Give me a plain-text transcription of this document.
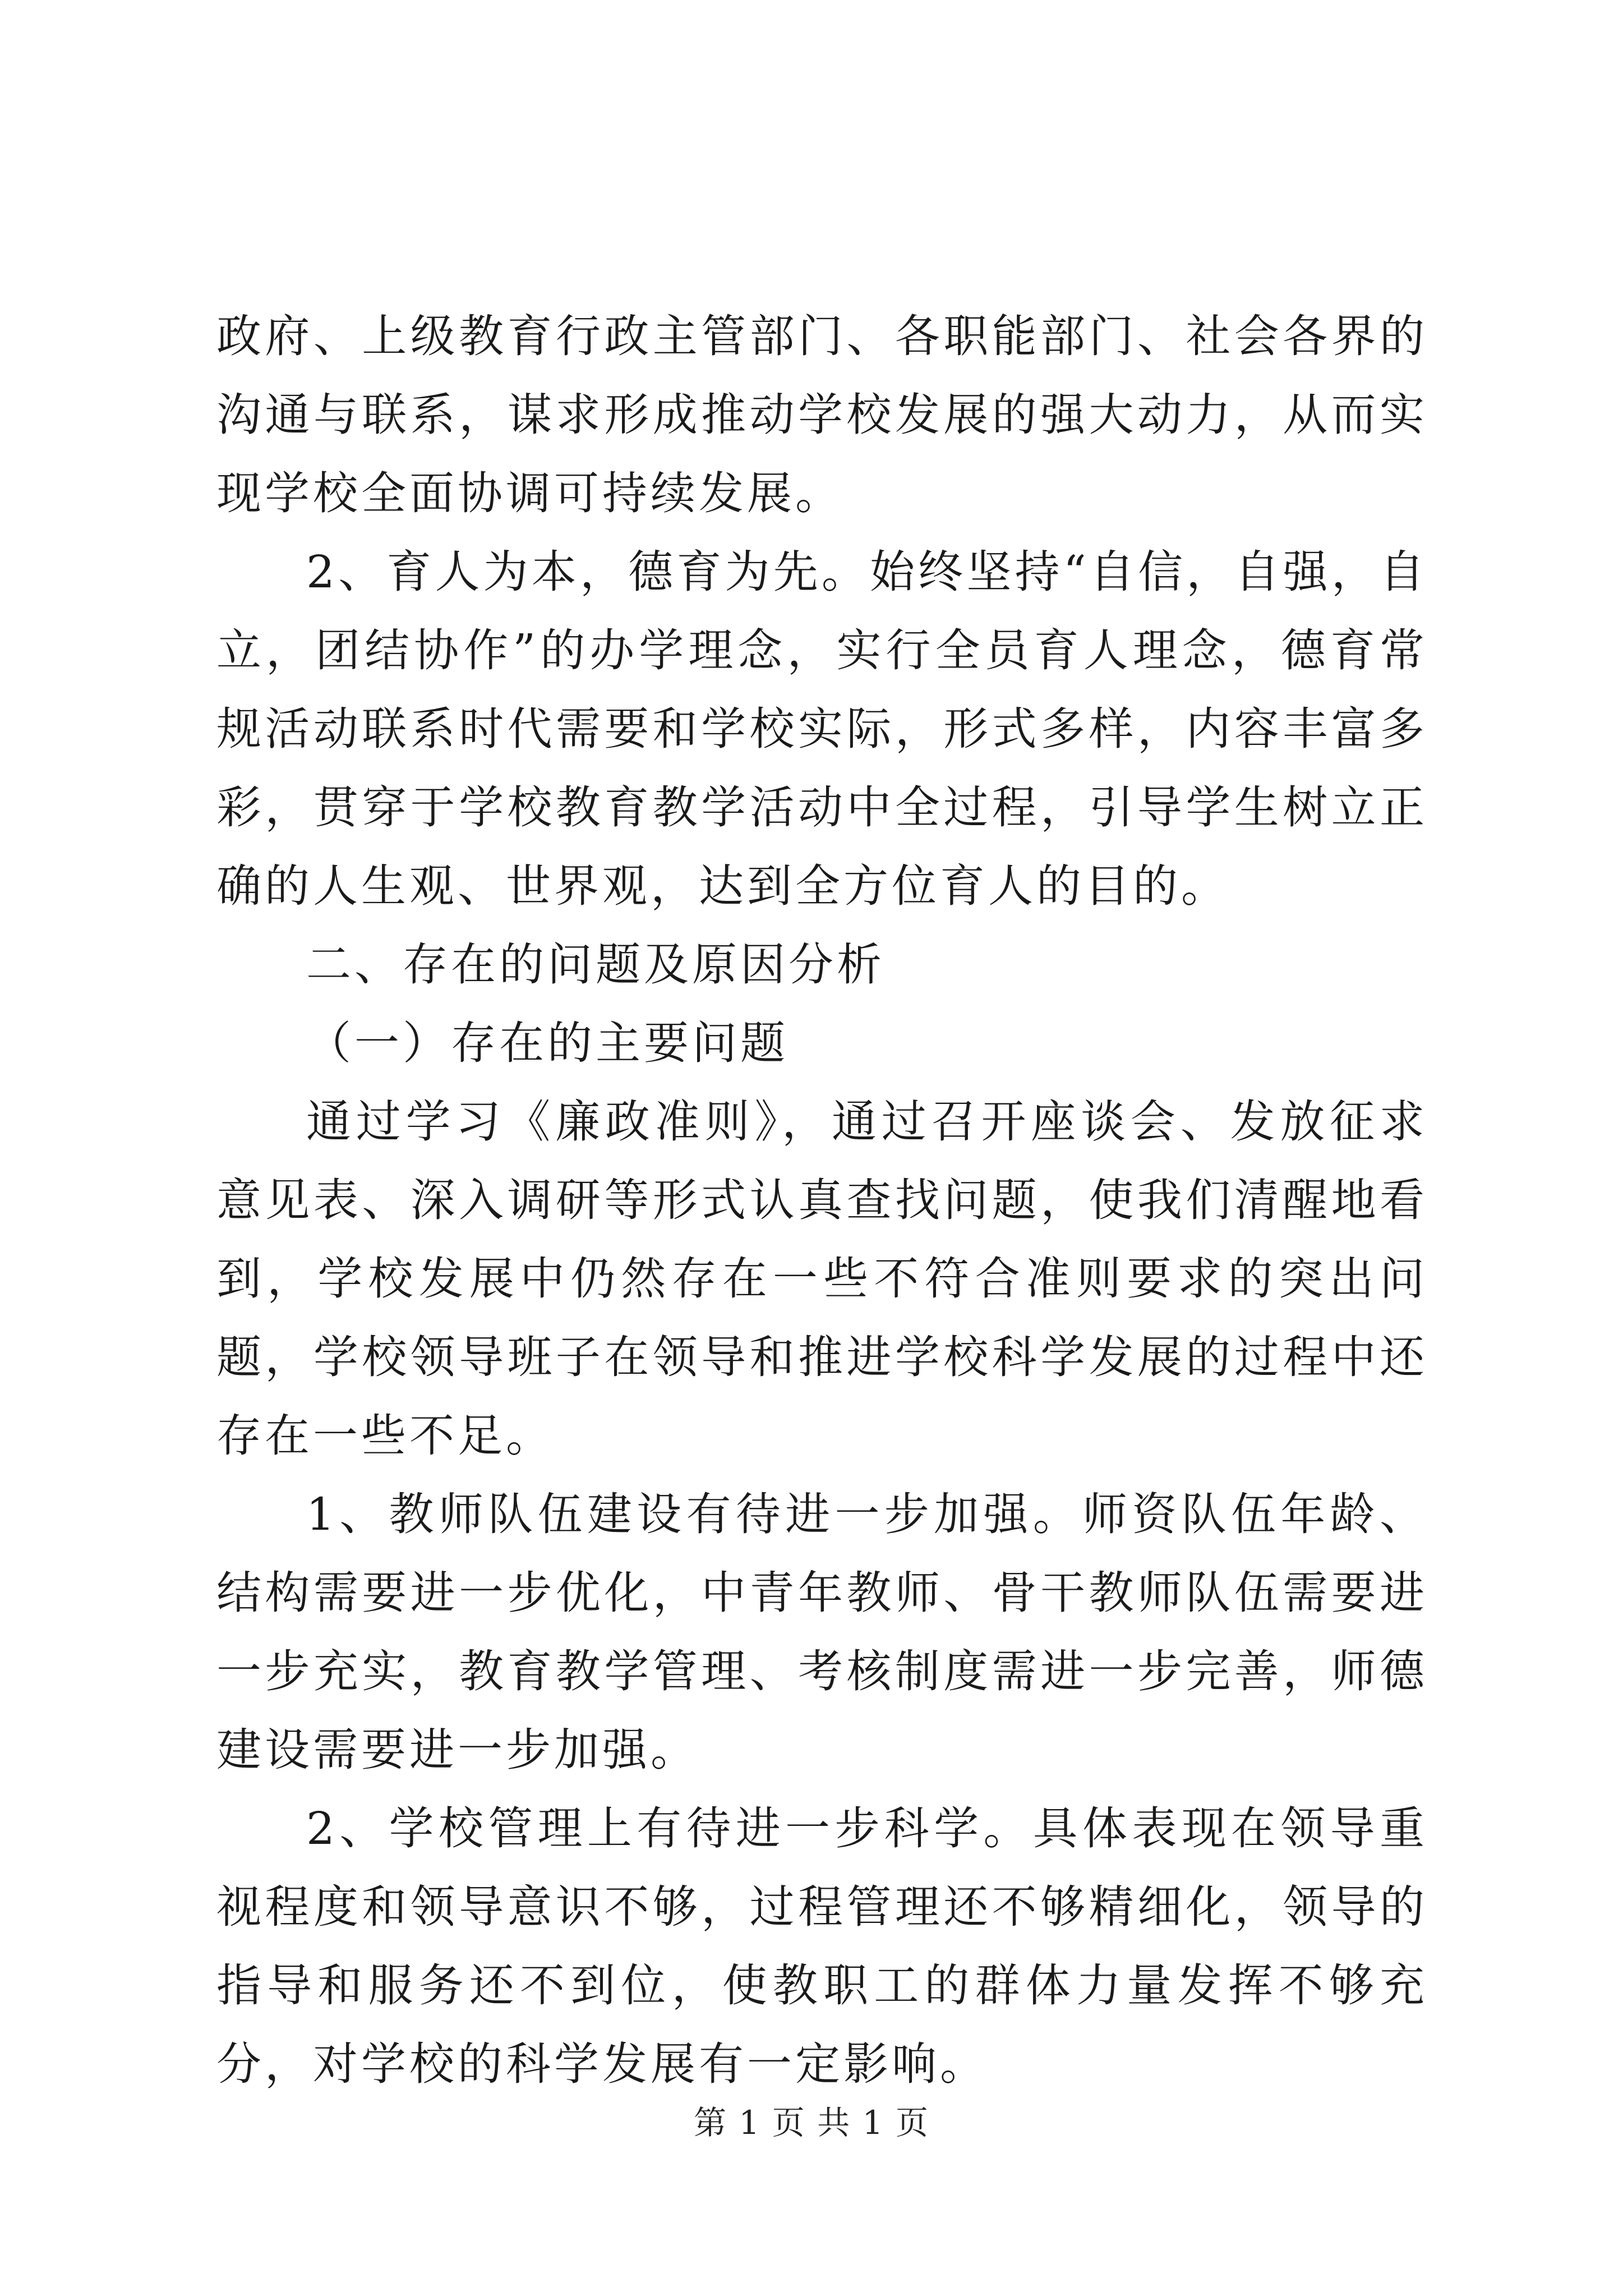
政府、上级教育行政主管部门、各职能部门、社会各界的沟通与联系，谋求形成推动学校发展的强大动力，从而实现学校全面协调可持续发展。

2、育人为本，德育为先。始终坚持“自信，自强，自立，团结协作”的办学理念，实行全员育人理念，德育常规活动联系时代需要和学校实际，形式多样，内容丰富多彩，贯穿于学校教育教学活动中全过程，引导学生树立正确的人生观、世界观，达到全方位育人的目的。

二、存在的问题及原因分析

（一）存在的主要问题

通过学习《廉政准则》，通过召开座谈会、发放征求意见表、深入调研等形式认真查找问题，使我们清醒地看到，学校发展中仍然存在一些不符合准则要求的突出问题，学校领导班子在领导和推进学校科学发展的过程中还存在一些不足。

1、教师队伍建设有待进一步加强。师资队伍年龄、结构需要进一步优化，中青年教师、骨干教师队伍需要进一步充实，教育教学管理、考核制度需进一步完善，师德建设需要进一步加强。

2、学校管理上有待进一步科学。具体表现在领导重视程度和领导意识不够，过程管理还不够精细化，领导的指导和服务还不到位，使教职工的群体力量发挥不够充分，对学校的科学发展有一定影响。

第 1 页 共 1 页
